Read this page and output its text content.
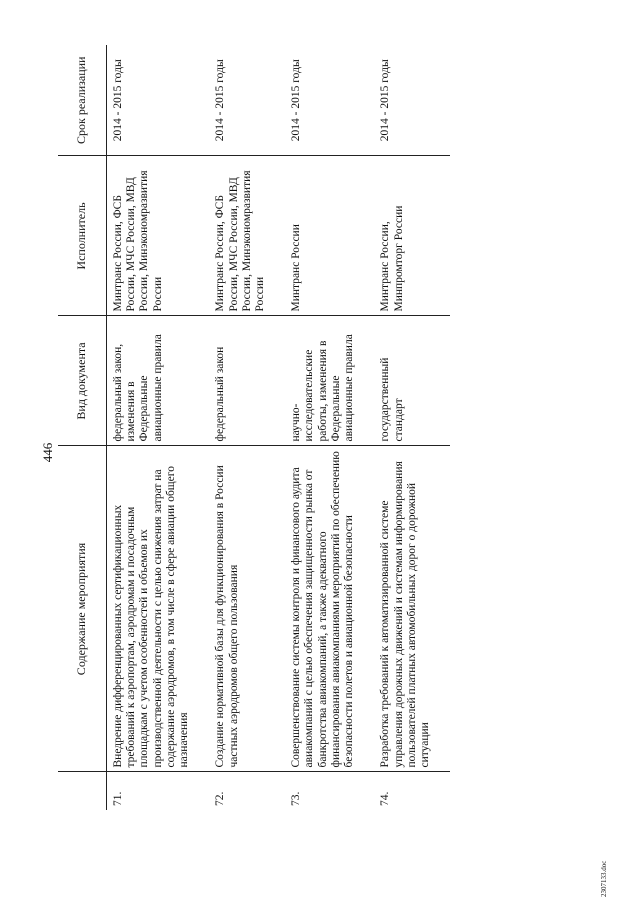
446
	Содержание мероприятия	Вид документа	Исполнитель	Срок реализации
71.	Внедрение дифференцированных сертификационных требований к аэропортам, аэродромам и посадочным площадкам с учетом особенностей и объемов их производственной деятельности с целью снижения затрат на содержание аэродромов, в том числе в сфере авиации общего назначения	федеральный закон, изменения в Федеральные авиационные правила	Минтранс России, ФСБ России, МЧС России, МВД России, Минэкономразвития России	2014 - 2015 годы
72.	Создание нормативной базы для функционирования в России частных аэродромов общего пользования	федеральный закон	Минтранс России, ФСБ России, МЧС России, МВД России, Минэкономразвития России	2014 - 2015 годы
73.	Совершенствование системы контроля и финансового аудита авиакомпаний с целью обеспечения защищенности рынка от банкротства авиакомпаний, а также адекватного финансирования авиакомпаниями мероприятий по обеспечению безопасности полетов и авиационной безопасности	научно-исследовательские работы, изменения в Федеральные авиационные правила	Минтранс России	2014 - 2015 годы
74.	Разработка требований к автоматизированной системе управления дорожных движений и системам информирования пользователей платных автомобильных дорог о дорожной ситуации	государственный стандарт	Минтранс России, Минпромторг России	2014 - 2015 годы
2307133.doc
